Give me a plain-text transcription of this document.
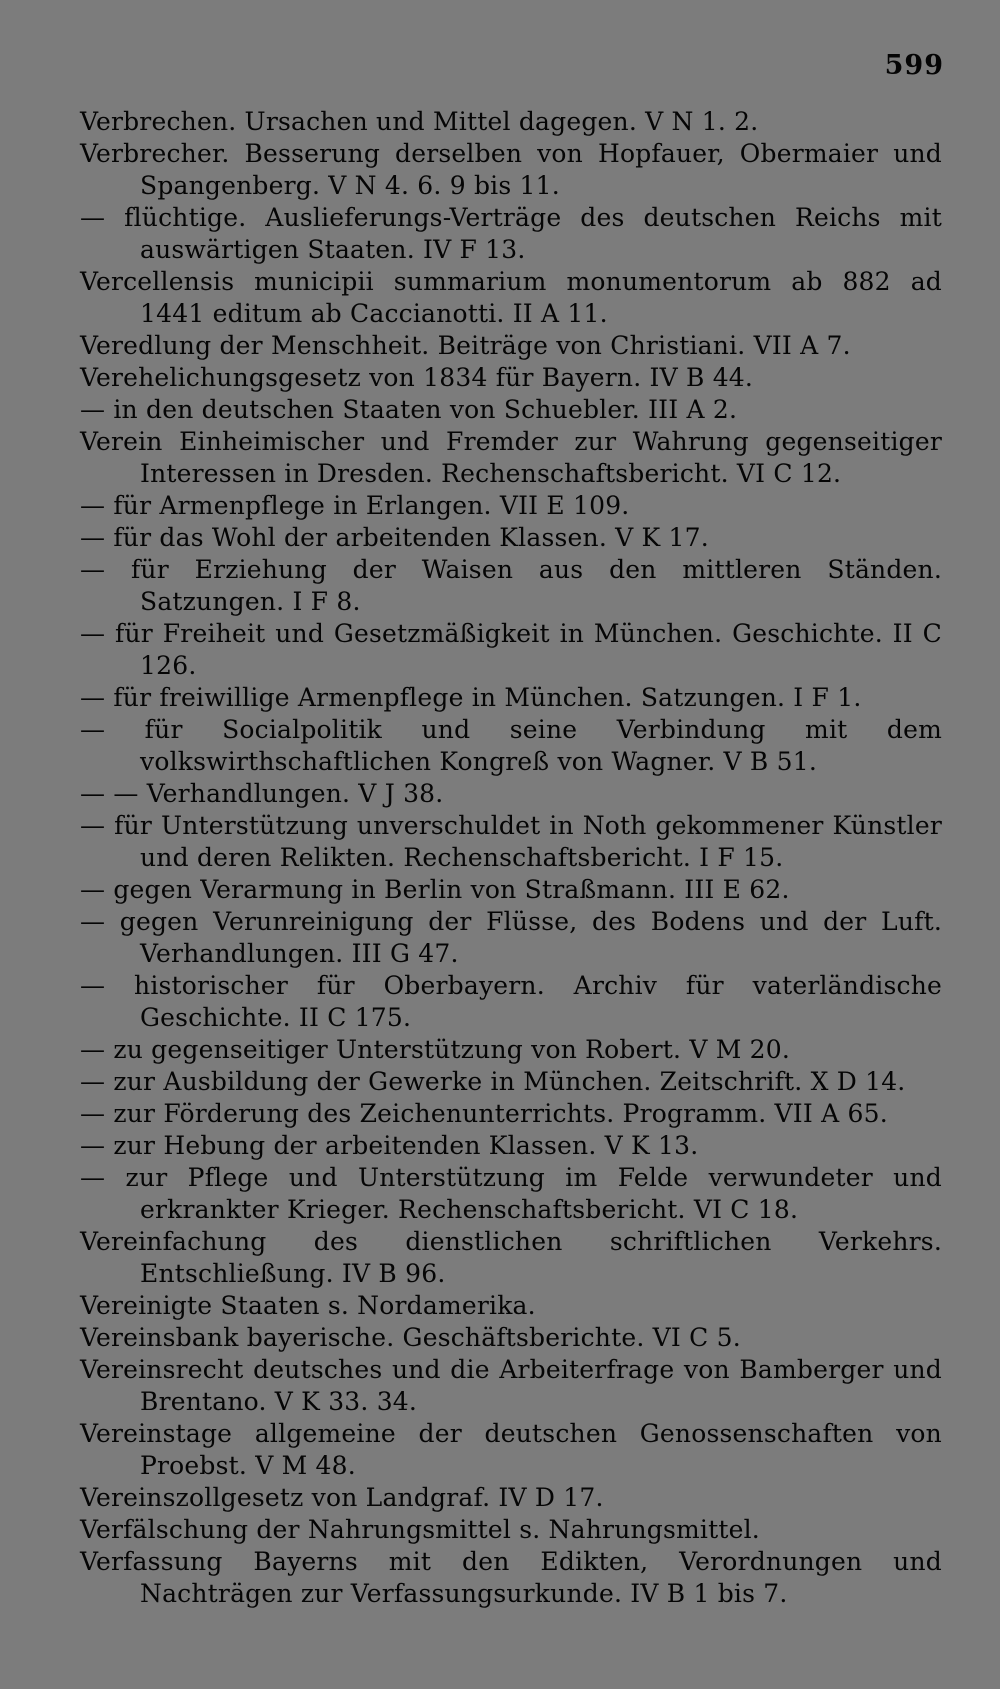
599

Verbrechen. Ursachen und Mittel dagegen. V N 1. 2.

Verbrecher. Besserung derselben von Hopfauer, Obermaier und Spangenberg. V N 4. 6. 9 bis 11.

— flüchtige. Auslieferungs-Verträge des deutschen Reichs mit auswärtigen Staaten. IV F 13.

Vercellensis municipii summarium monumentorum ab 882 ad 1441 editum ab Caccianotti. II A 11.

Veredlung der Menschheit. Beiträge von Christiani. VII A 7.

Verehelichungsgesetz von 1834 für Bayern. IV B 44.

— in den deutschen Staaten von Schuebler. III A 2.

Verein Einheimischer und Fremder zur Wahrung gegenseitiger Interessen in Dresden. Rechenschaftsbericht. VI C 12.

— für Armenpflege in Erlangen. VII E 109.

— für das Wohl der arbeitenden Klassen. V K 17.

— für Erziehung der Waisen aus den mittleren Ständen. Satzungen. I F 8.

— für Freiheit und Gesetzmäßigkeit in München. Geschichte. II C 126.

— für freiwillige Armenpflege in München. Satzungen. I F 1.

— für Socialpolitik und seine Verbindung mit dem volkswirthschaftlichen Kongreß von Wagner. V B 51.

— — Verhandlungen. V J 38.

— für Unterstützung unverschuldet in Noth gekommener Künstler und deren Relikten. Rechenschaftsbericht. I F 15.

— gegen Verarmung in Berlin von Straßmann. III E 62.

— gegen Verunreinigung der Flüsse, des Bodens und der Luft. Verhandlungen. III G 47.

— historischer für Oberbayern. Archiv für vaterländische Geschichte. II C 175.

— zu gegenseitiger Unterstützung von Robert. V M 20.

— zur Ausbildung der Gewerke in München. Zeitschrift. X D 14.

— zur Förderung des Zeichenunterrichts. Programm. VII A 65.

— zur Hebung der arbeitenden Klassen. V K 13.

— zur Pflege und Unterstützung im Felde verwundeter und erkrankter Krieger. Rechenschaftsbericht. VI C 18.

Vereinfachung des dienstlichen schriftlichen Verkehrs. Entschließung. IV B 96.

Vereinigte Staaten s. Nordamerika.

Vereinsbank bayerische. Geschäftsberichte. VI C 5.

Vereinsrecht deutsches und die Arbeiterfrage von Bamberger und Brentano. V K 33. 34.

Vereinstage allgemeine der deutschen Genossenschaften von Proebst. V M 48.

Vereinszollgesetz von Landgraf. IV D 17.

Verfälschung der Nahrungsmittel s. Nahrungsmittel.

Verfassung Bayerns mit den Edikten, Verordnungen und Nachträgen zur Verfassungsurkunde. IV B 1 bis 7.
